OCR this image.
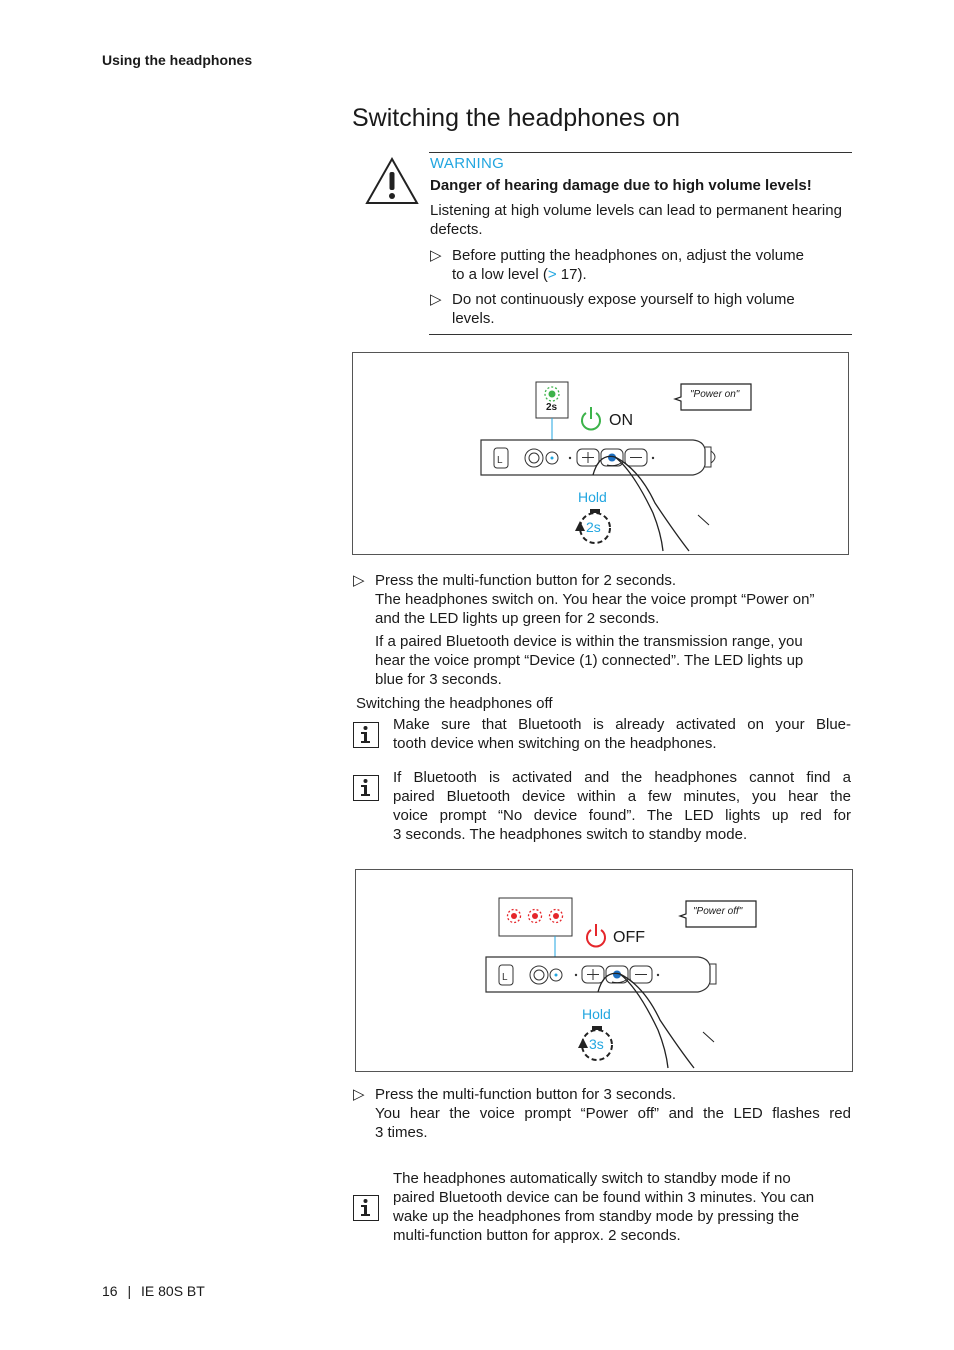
Using the headphones
Switching the headphones on
WARNING
Danger of hearing damage due to high volume levels!
Listening at high volume levels can lead to permanent hearing defects.
▷ Before putting the headphones on, adjust the volume
to a low level (> 17).
▷ Do not continuously expose yourself to high volume
levels.
L
2s
ON
"Power on"
Hold
2s
▷ Press the multi-function button for 2 seconds.
The headphones switch on. You hear the voice prompt “Power on”
and the LED lights up green for 2 seconds.
If a paired Bluetooth device is within the transmission range, you
hear the voice prompt “Device (1) connected”. The LED lights up
blue for 3 seconds.
Switching the headphones off
Make sure that Bluetooth is already activated on your Blue-
tooth device when switching on the headphones.
If Bluetooth is activated and the headphones cannot find a
paired Bluetooth device within a few minutes, you hear the
voice prompt “No device found”. The LED lights up red for
3 seconds. The headphones switch to standby mode.
L
OFF
"Power off"
Hold
3s
▷ Press the multi-function button for 3 seconds.
You hear the voice prompt “Power off” and the LED flashes red
3 times.
The headphones automatically switch to standby mode if no
paired Bluetooth device can be found within 3 minutes. You can
wake up the headphones from standby mode by pressing the
multi-function button for approx. 2 seconds.
16 | IE 80S BT
